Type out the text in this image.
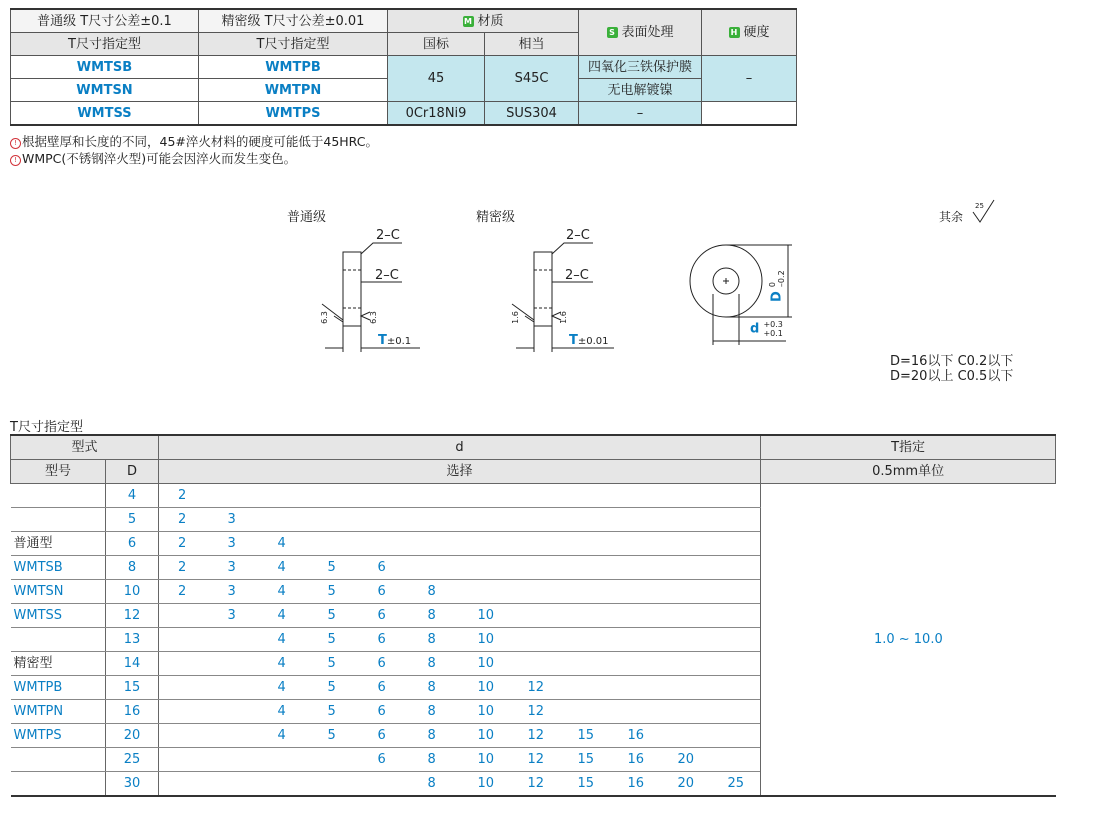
普通级 T尺寸公差±0.1	精密级 T尺寸公差±0.01	M 材质		S 表面处理	H 硬度
T尺寸指定型	T尺寸指定型	国标	相当		
WMTSB	WMTPB	45	S45C	四氧化三铁保护膜	–
WMTSN	WMTPN			无电解镀镍	
WMTSS	WMTPS	0Cr18Ni9	SUS304	–	
! 根据壁厚和长度的不同，45#淬火材料的硬度可能低于45HRC。
! WMPC(不锈钢淬火型)可能会因淬火而发生变色。
普通级	精密级
2–C
2–C
2–C
2–C
6.3	6.3	1.6	1.6
T±0.1	T±0.01
D 0
–0.2
d +0.3
+0.1
其余
25
D=16以下 C0.2以下
D=20以上 C0.5以下
T尺寸指定型
型式		d												T指定
型号	D	选择												0.5mm单位
	4	2												1.0 ~ 10.0
	5	2	3											
普通型	6	2	3	4										
WMTSB	8	2	3	4	5	6								
WMTSN	10	2	3	4	5	6	8							
WMTSS	12		3	4	5	6	8	10						
	13			4	5	6	8	10						
精密型	14			4	5	6	8	10						
WMTPB	15			4	5	6	8	10	12					
WMTPN	16			4	5	6	8	10	12					
WMTPS	20			4	5	6	8	10	12	15	16			
	25					6	8	10	12	15	16	20		
	30						8	10	12	15	16	20	25	
